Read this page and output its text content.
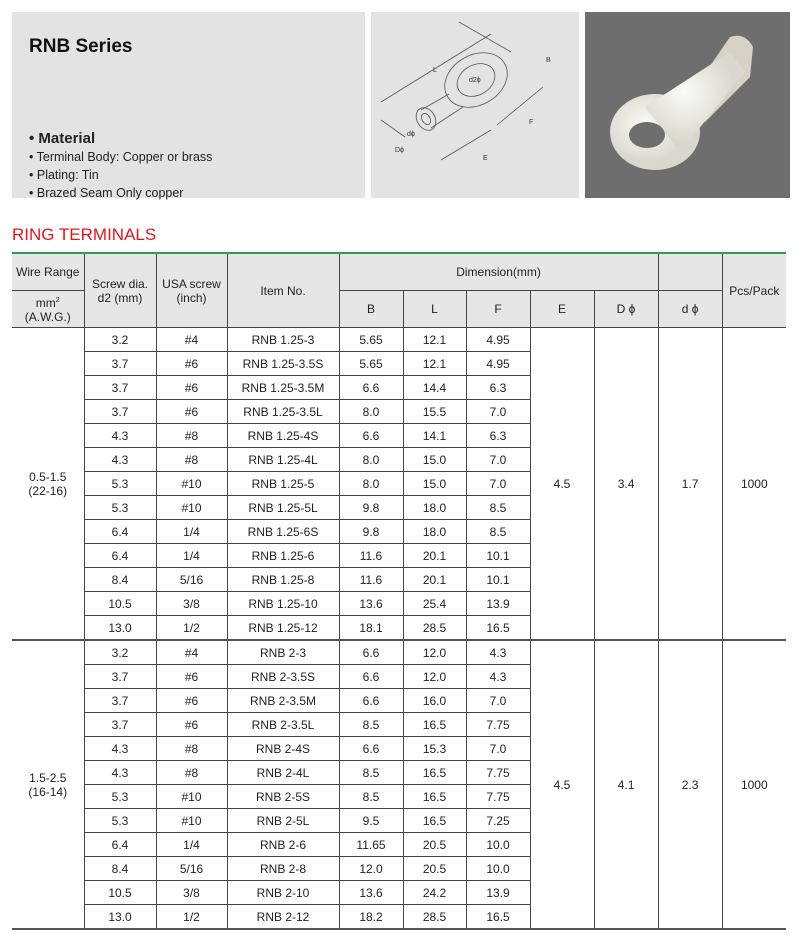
RNB Series
• Material
• Terminal Body: Copper or brass
• Plating: Tin
• Brazed Seam Only copper
L
B
d2ϕ
F
E
Dϕ
dϕ
RING TERMINALS
Wire Range	Screw dia. d2 (mm)	USA screw (inch)	Item No.	Dimension(mm)						Pcs/Pack
$mm^2$
(A.W.G.)				B	L	F	E	D ϕ	d ϕ	
0.5-1.5
(22-16)	3.2	#4	RNB 1.25-3	5.65	12.1	4.95	4.5	3.4	1.7	1000
	3.7	#6	RNB 1.25-3.5S	5.65	12.1	4.95				
	3.7	#6	RNB 1.25-3.5M	6.6	14.4	6.3				
	3.7	#6	RNB 1.25-3.5L	8.0	15.5	7.0				
	4.3	#8	RNB 1.25-4S	6.6	14.1	6.3				
	4.3	#8	RNB 1.25-4L	8.0	15.0	7.0				
	5.3	#10	RNB 1.25-5	8.0	15.0	7.0				
	5.3	#10	RNB 1.25-5L	9.8	18.0	8.5				
	6.4	1/4	RNB 1.25-6S	9.8	18.0	8.5				
	6.4	1/4	RNB 1.25-6	11.6	20.1	10.1				
	8.4	5/16	RNB 1.25-8	11.6	20.1	10.1				
	10.5	3/8	RNB 1.25-10	13.6	25.4	13.9				
	13.0	1/2	RNB 1.25-12	18.1	28.5	16.5				
1.5-2.5
(16-14)	3.2	#4	RNB 2-3	6.6	12.0	4.3	4.5	4.1	2.3	1000
	3.7	#6	RNB 2-3.5S	6.6	12.0	4.3				
	3.7	#6	RNB 2-3.5M	6.6	16.0	7.0				
	3.7	#6	RNB 2-3.5L	8.5	16.5	7.75				
	4.3	#8	RNB 2-4S	6.6	15.3	7.0				
	4.3	#8	RNB 2-4L	8.5	16.5	7.75				
	5.3	#10	RNB 2-5S	8.5	16.5	7.75				
	5.3	#10	RNB 2-5L	9.5	16.5	7.25				
	6.4	1/4	RNB 2-6	11.65	20.5	10.0				
	8.4	5/16	RNB 2-8	12.0	20.5	10.0				
	10.5	3/8	RNB 2-10	13.6	24.2	13.9				
	13.0	1/2	RNB 2-12	18.2	28.5	16.5				
